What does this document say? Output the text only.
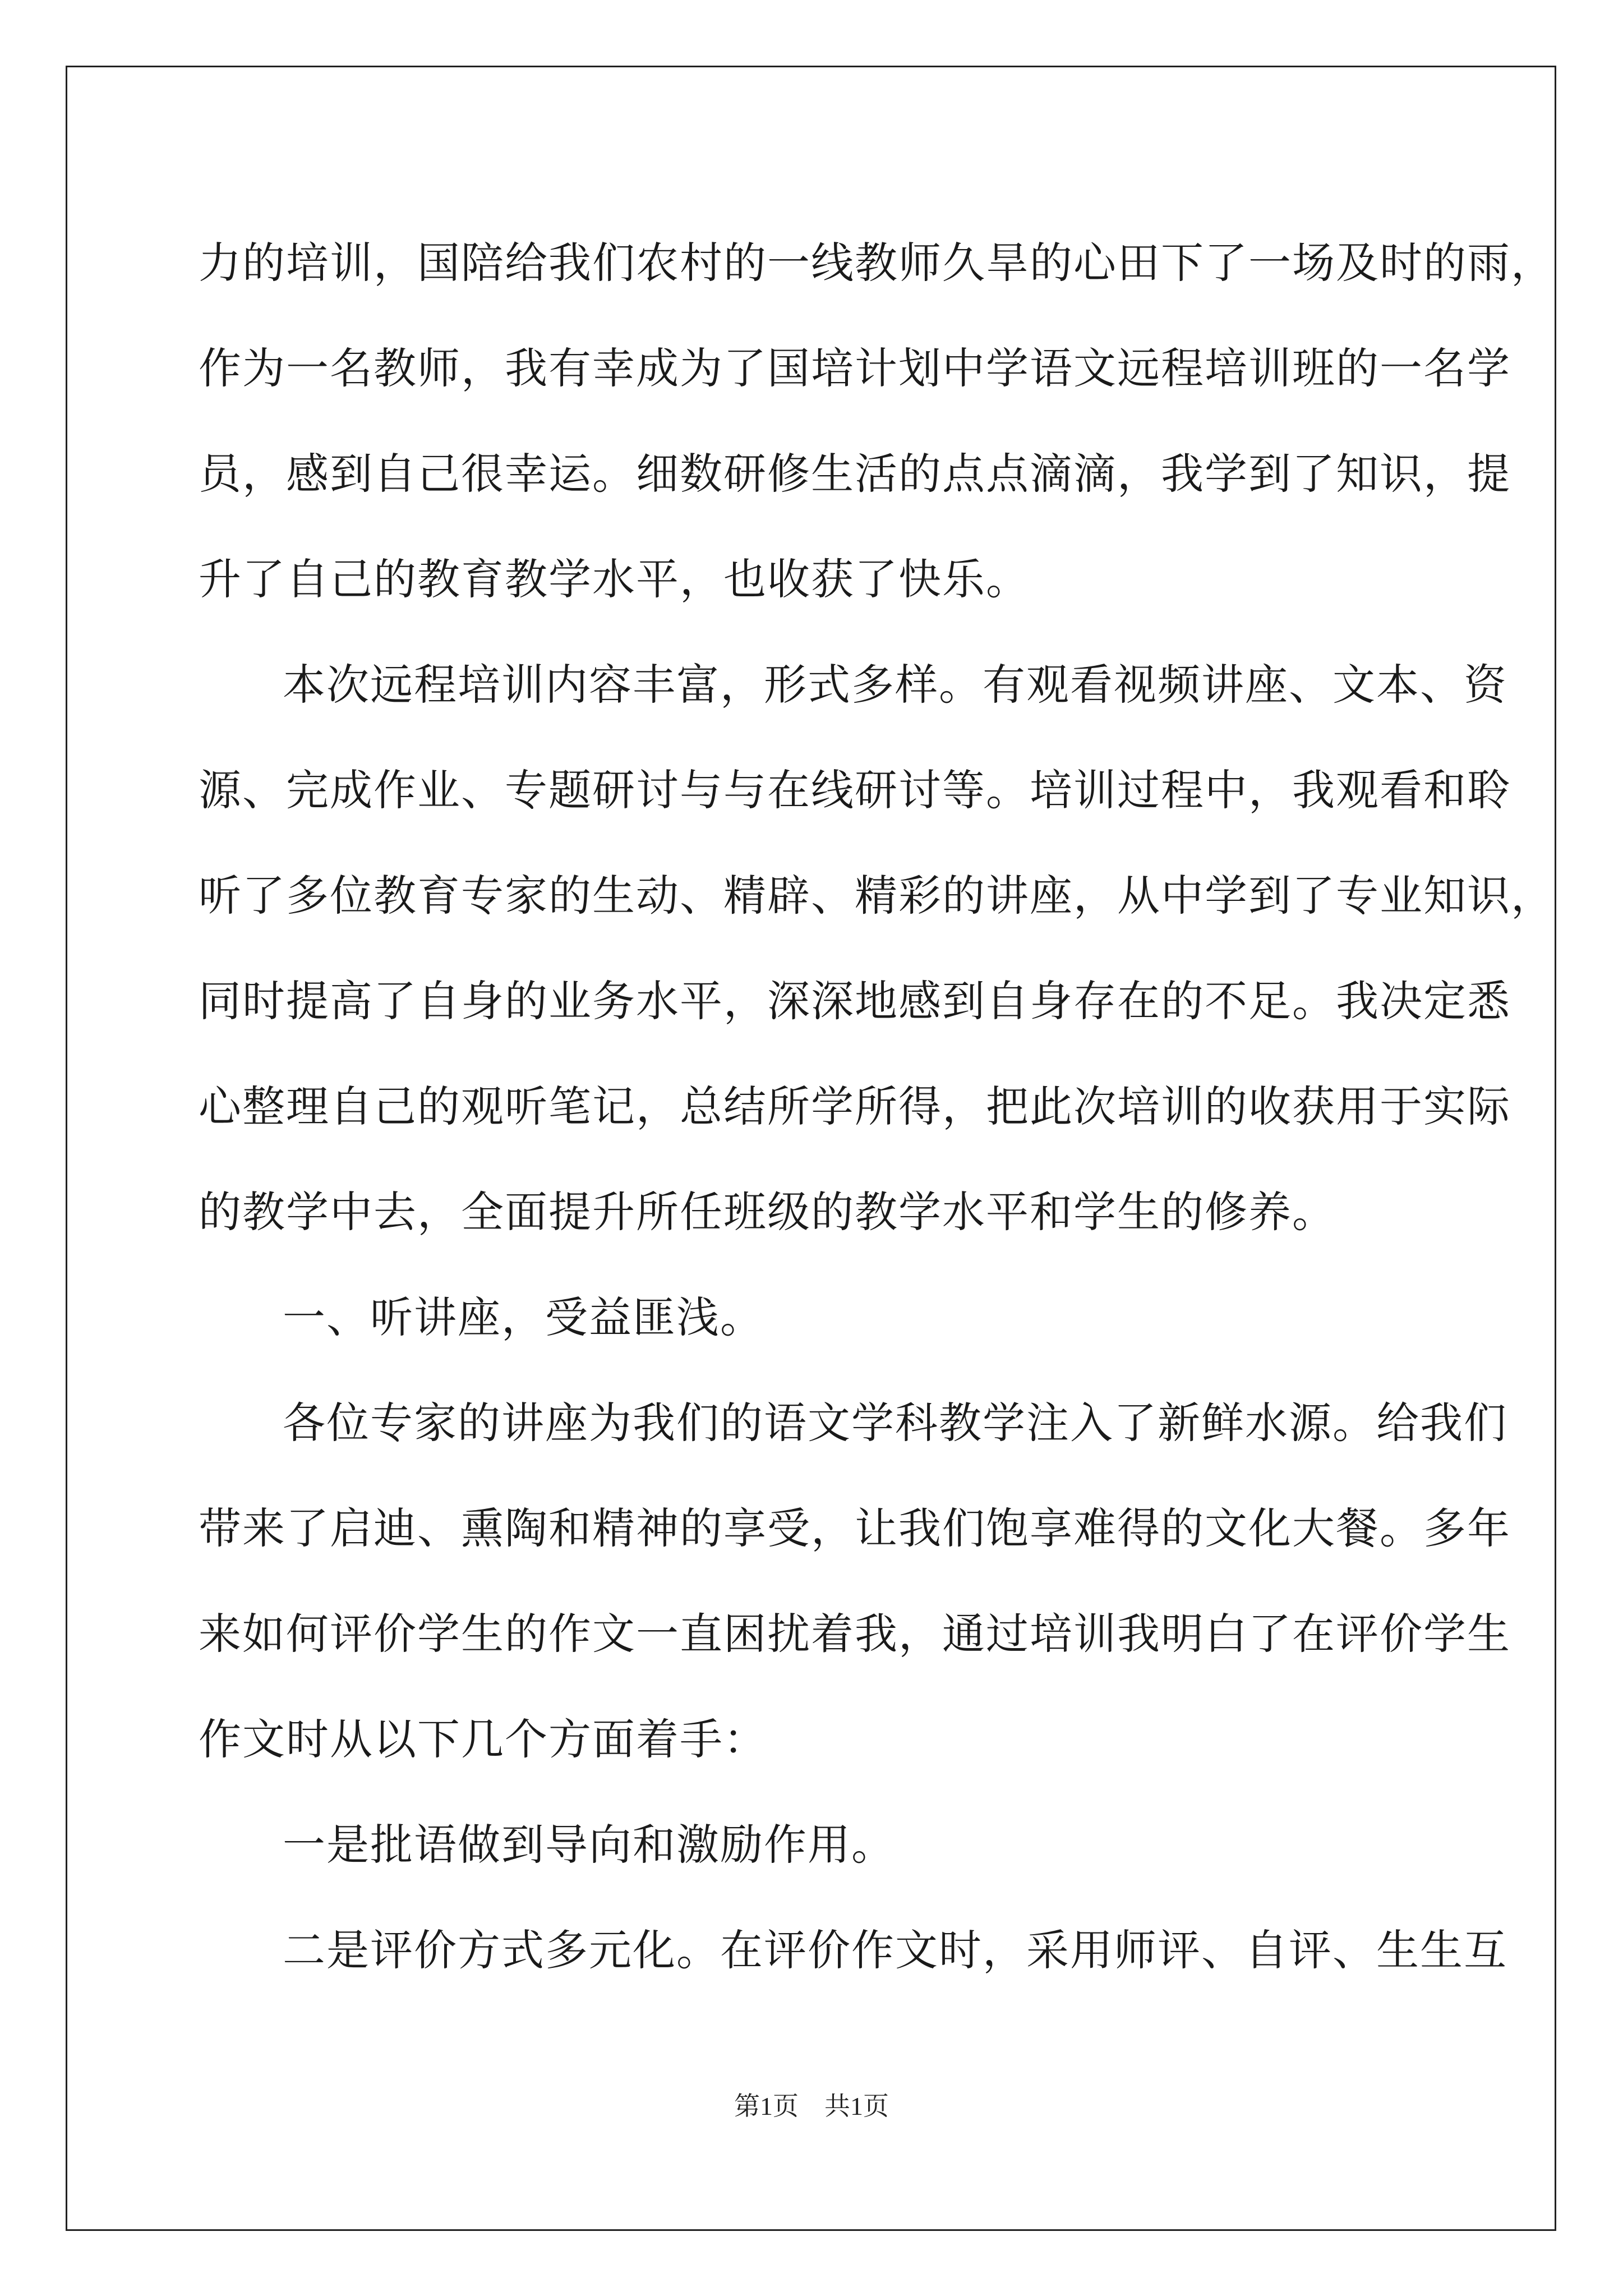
力的培训，国陪给我们农村的一线教师久旱的心田下了一场及时的雨，
作为一名教师，我有幸成为了国培计划中学语文远程培训班的一名学
员，感到自己很幸运。细数研修生活的点点滴滴，我学到了知识，提
升了自己的教育教学水平，也收获了快乐。
本次远程培训内容丰富，形式多样。有观看视频讲座、文本、资
源、完成作业、专题研讨与与在线研讨等。培训过程中，我观看和聆
听了多位教育专家的生动、精辟、精彩的讲座，从中学到了专业知识，
同时提高了自身的业务水平，深深地感到自身存在的不足。我决定悉
心整理自己的观听笔记，总结所学所得，把此次培训的收获用于实际
的教学中去，全面提升所任班级的教学水平和学生的修养。
一、听讲座，受益匪浅。
各位专家的讲座为我们的语文学科教学注入了新鲜水源。给我们
带来了启迪、熏陶和精神的享受，让我们饱享难得的文化大餐。多年
来如何评价学生的作文一直困扰着我，通过培训我明白了在评价学生
作文时从以下几个方面着手：
一是批语做到导向和激励作用。
二是评价方式多元化。在评价作文时，采用师评、自评、生生互
第1页　共1页
